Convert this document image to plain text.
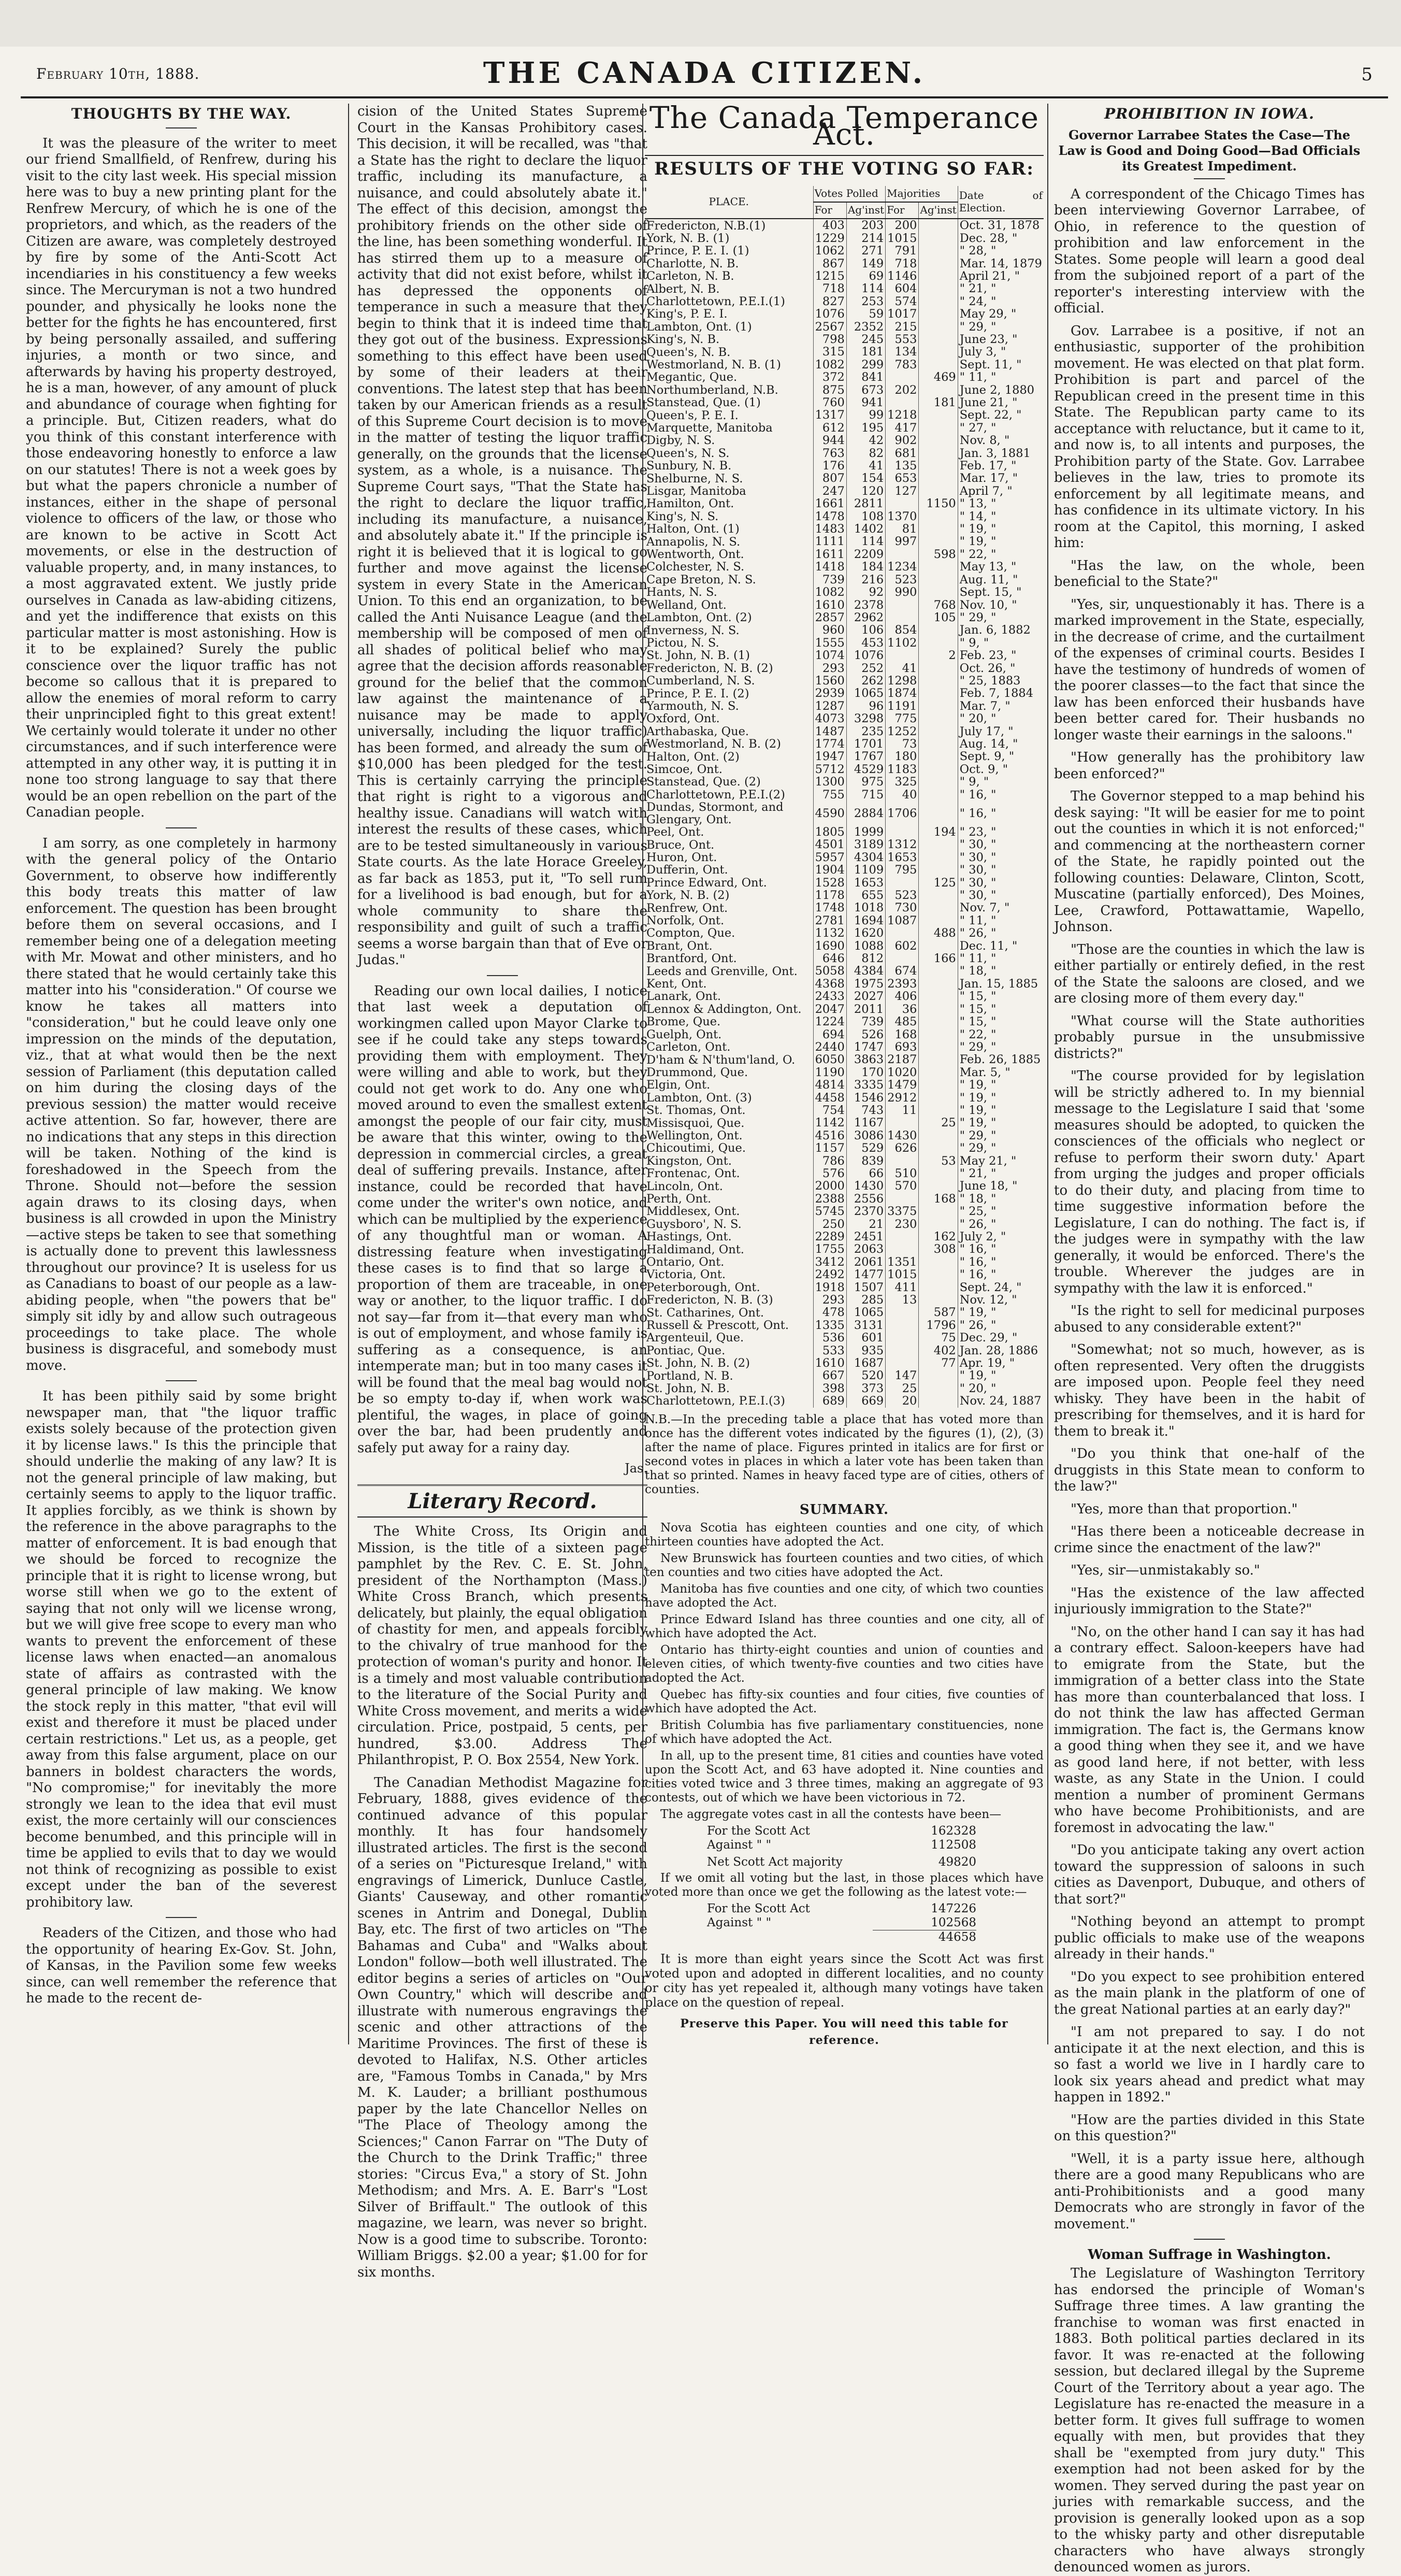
February 10th, 1888.	THE CANADA CITIZEN.	5
THOUGHTS BY THE WAY.

It was the pleasure of the writer to meet our friend Smallfield, of Renfrew, during his visit to the city last week. His special mission here was to buy a new printing plant for the Renfrew Mercury, of which he is one of the proprietors, and which, as the readers of the Citizen are aware, was completely destroyed by fire by some of the Anti-Scott Act incendiaries in his constituency a few weeks since. The Mercuryman is not a two hundred pounder, and physically he looks none the better for the fights he has encountered, first by being personally assailed, and suffering injuries, a month or two since, and afterwards by having his property destroyed, he is a man, however, of any amount of pluck and abundance of courage when fighting for a principle. But, Citizen readers, what do you think of this constant interference with those endeavoring honestly to enforce a law on our statutes! There is not a week goes by but what the papers chronicle a number of instances, either in the shape of personal violence to officers of the law, or those who are known to be active in Scott Act movements, or else in the destruction of valuable property, and, in many instances, to a most aggravated extent. We justly pride ourselves in Canada as law-abiding citizens, and yet the indifference that exists on this particular matter is most astonishing. How is it to be explained? Surely the public conscience over the liquor traffic has not become so callous that it is prepared to allow the enemies of moral reform to carry their unprincipled fight to this great extent! We certainly would tolerate it under no other circumstances, and if such interference were attempted in any other way, it is putting it in none too strong language to say that there would be an open rebellion on the part of the Canadian people.

I am sorry, as one completely in harmony with the general policy of the Ontario Government, to observe how indifferently this body treats this matter of law enforcement. The question has been brought before them on several occasions, and I remember being one of a delegation meeting with Mr. Mowat and other ministers, and ho there stated that he would certainly take this matter into his "consideration." Of course we know he takes all matters into "consideration," but he could leave only one impression on the minds of the deputation, viz., that at what would then be the next session of Parliament (this deputation called on him during the closing days of the previous session) the matter would receive active attention. So far, however, there are no indications that any steps in this direction will be taken. Nothing of the kind is foreshadowed in the Speech from the Throne. Should not—before the session again draws to its closing days, when business is all crowded in upon the Ministry—active steps be taken to see that something is actually done to prevent this lawlessness throughout our province? It is useless for us as Canadians to boast of our people as a law-abiding people, when "the powers that be" simply sit idly by and allow such outrageous proceedings to take place. The whole business is disgraceful, and somebody must move.

It has been pithily said by some bright newspaper man, that "the liquor traffic exists solely because of the protection given it by license laws." Is this the principle that should underlie the making of any law? It is not the general principle of law making, but certainly seems to apply to the liquor traffic. It applies forcibly, as we think is shown by the reference in the above paragraphs to the matter of enforcement. It is bad enough that we should be forced to recognize the principle that it is right to license wrong, but worse still when we go to the extent of saying that not only will we license wrong, but we will give free scope to every man who wants to prevent the enforcement of these license laws when enacted—an anomalous state of affairs as contrasted with the general principle of law making. We know the stock reply in this matter, "that evil will exist and therefore it must be placed under certain restrictions." Let us, as a people, get away from this false argument, place on our banners in boldest characters the words, "No compromise;" for inevitably the more strongly we lean to the idea that evil must exist, the more certainly will our consciences become benumbed, and this principle will in time be applied to evils that to day we would not think of recognizing as possible to exist except under the ban of the severest prohibitory law.

Readers of the Citizen, and those who had the opportunity of hearing Ex-Gov. St. John, of Kansas, in the Pavilion some few weeks since, can well remember the reference that he made to the recent de-

cision of the United States Supreme Court in the Kansas Prohibitory cases. This decision, it will be recalled, was "that a State has the right to declare the liquor traffic, including its manufacture, a nuisance, and could absolutely abate it." The effect of this decision, amongst the prohibitory friends on the other side of the line, has been something wonderful. It has stirred them up to a measure of activity that did not exist before, whilst it has depressed the opponents of temperance in such a measure that they begin to think that it is indeed time that they got out of the business. Expressions something to this effect have been used by some of their leaders at their conventions. The latest step that has been taken by our American friends as a result of this Supreme Court decision is to move in the matter of testing the liquor traffic generally, on the grounds that the license system, as a whole, is a nuisance. The Supreme Court says, "That the State has the right to declare the liquor traffic, including its manufacture, a nuisance, and absolutely abate it." If the principle is right it is believed that it is logical to go further and move against the license system in every State in the American Union. To this end an organization, to be called the Anti Nuisance League (and the membership will be composed of men of all shades of political belief who may agree that the decision affords reasonable ground for the belief that the common law against the maintenance of a nuisance may be made to apply universally, including the liquor traffic) has been formed, and already the sum of $10,000 has been pledged for the test. This is certainly carrying the principle that right is right to a vigorous and healthy issue. Canadians will watch with interest the results of these cases, which are to be tested simultaneously in various State courts. As the late Horace Greeley, as far back as 1853, put it, "To sell rum for a livelihood is bad enough, but for a whole community to share the responsibility and guilt of such a traffic seems a worse bargain than that of Eve or Judas."

Reading our own local dailies, I notice that last week a deputation of workingmen called upon Mayor Clarke to see if he could take any steps towards providing them with employment. They were willing and able to work, but they could not get work to do. Any one who moved around to even the smallest extent amongst the people of our fair city, must be aware that this winter, owing to the depression in commercial circles, a great deal of suffering prevails. Instance, after instance, could be recorded that have come under the writer's own notice, and which can be multiplied by the experience of any thoughtful man or woman. A distressing feature when investigating these cases is to find that so large a proportion of them are traceable, in one way or another, to the liquor traffic. I do not say—far from it—that every man who is out of employment, and whose family is suffering as a consequence, is an intemperate man; but in too many cases it will be found that the meal bag would not be so empty to-day if, when work was plentiful, the wages, in place of going over the bar, had been prudently and safely put away for a rainy day.

Jas.
Literary Record.

The White Cross, Its Origin and Mission, is the title of a sixteen page pamphlet by the Rev. C. E. St. John, president of the Northampton (Mass.) White Cross Branch, which presents delicately, but plainly, the equal obligation of chastity for men, and appeals forcibly to the chivalry of true manhood for the protection of woman's purity and honor. It is a timely and most valuable contribution to the literature of the Social Purity and White Cross movement, and merits a wide circulation. Price, postpaid, 5 cents, per hundred, $3.00. Address The Philanthropist, P. O. Box 2554, New York.

The Canadian Methodist Magazine for February, 1888, gives evidence of the continued advance of this popular monthly. It has four handsomely illustrated articles. The first is the second of a series on "Picturesque Ireland," with engravings of Limerick, Dunluce Castle, Giants' Causeway, and other romantic scenes in Antrim and Donegal, Dublin Bay, etc. The first of two articles on "The Bahamas and Cuba" and "Walks about London" follow—both well illustrated. The editor begins a series of articles on "Our Own Country," which will describe and illustrate with numerous engravings the scenic and other attractions of the Maritime Provinces. The first of these is devoted to Halifax, N.S. Other articles are, "Famous Tombs in Canada," by Mrs M. K. Lauder; a brilliant posthumous paper by the late Chancellor Nelles on "The Place of Theology among the Sciences;" Canon Farrar on "The Duty of the Church to the Drink Traffic;" three stories: "Circus Eva," a story of St. John Methodism; and Mrs. A. E. Barr's "Lost Silver of Briffault." The outlook of this magazine, we learn, was never so bright. Now is a good time to subscribe. Toronto: William Briggs. $2.00 a year; $1.00 for for six months.

The Canada Temperance Act.
RESULTS OF THE VOTING SO FAR:
PLACE.	Votes Polled		Majorities		Date of Election.
	For	Ag'inst	For	Ag'inst	
Fredericton, N.B.(1)	403	203	200		Oct. 31, 1878
York, N. B. (1)	1229	214	1015		Dec. 28, "
Prince, P. E. I. (1)	1062	271	791		" 28, "
Charlotte, N. B.	867	149	718		Mar. 14, 1879
Carleton, N. B.	1215	69	1146		April 21, "
Albert, N. B.	718	114	604		" 21, "
Charlottetown, P.E.I.(1)	827	253	574		" 24, "
King's, P. E. I.	1076	59	1017		May 29, "
Lambton, Ont. (1)	2567	2352	215		" 29, "
King's, N. B.	798	245	553		June 23, "
Queen's, N. B.	315	181	134		July 3, "
Westmorland, N. B. (1)	1082	299	783		Sept. 11, "
Megantic, Que.	372	841		469	" 11, "
Northumberland, N.B.	875	673	202		June 2, 1880
Stanstead, Que. (1)	760	941		181	June 21, "
Queen's, P. E. I.	1317	99	1218		Sept. 22, "
Marquette, Manitoba	612	195	417		" 27, "
Digby, N. S.	944	42	902		Nov. 8, "
Queen's, N. S.	763	82	681		Jan. 3, 1881
Sunbury, N. B.	176	41	135		Feb. 17, "
Shelburne, N. S.	807	154	653		Mar. 17, "
Lisgar, Manitoba	247	120	127		April 7, "
Hamilton, Ont.	1661	2811		1150	" 13, "
King's, N. S.	1478	108	1370		" 14, "
Halton, Ont. (1)	1483	1402	81		" 19, "
Annapolis, N. S.	1111	114	997		" 19, "
Wentworth, Ont.	1611	2209		598	" 22, "
Colchester, N. S.	1418	184	1234		May 13, "
Cape Breton, N. S.	739	216	523		Aug. 11, "
Hants, N. S.	1082	92	990		Sept. 15, "
Welland, Ont.	1610	2378		768	Nov. 10, "
Lambton, Ont. (2)	2857	2962		105	" 29, "
Inverness, N. S.	960	106	854		Jan. 6, 1882
Pictou, N. S.	1555	453	1102		" 9, "
St. John, N. B. (1)	1074	1076		2	Feb. 23, "
Fredericton, N. B. (2)	293	252	41		Oct. 26, "
Cumberland, N. S.	1560	262	1298		" 25, 1883
Prince, P. E. I. (2)	2939	1065	1874		Feb. 7, 1884
Yarmouth, N. S.	1287	96	1191		Mar. 7, "
Oxford, Ont.	4073	3298	775		" 20, "
Arthabaska, Que.	1487	235	1252		July 17, "
Westmorland, N. B. (2)	1774	1701	73		Aug. 14, "
Halton, Ont. (2)	1947	1767	180		Sept. 9, "
Simcoe, Ont.	5712	4529	1183		Oct. 9, "
Stanstead, Que. (2)	1300	975	325		" 9, "
Charlottetown, P.E.I.(2)	755	715	40		" 16, "
Dundas, Stormont, and Glengary, Ont.	4590	2884	1706		" 16, "
Peel, Ont.	1805	1999		194	" 23, "
Bruce, Ont.	4501	3189	1312		" 30, "
Huron, Ont.	5957	4304	1653		" 30, "
Dufferin, Ont.	1904	1109	795		" 30, "
Prince Edward, Ont.	1528	1653		125	" 30, "
York, N. B. (2)	1178	655	523		" 30, "
Renfrew, Ont.	1748	1018	730		Nov. 7, "
Norfolk, Ont.	2781	1694	1087		" 11, "
Compton, Que.	1132	1620		488	" 26, "
Brant, Ont.	1690	1088	602		Dec. 11, "
Brantford, Ont.	646	812		166	" 11, "
Leeds and Grenville, Ont.	5058	4384	674		" 18, "
Kent, Ont.	4368	1975	2393		Jan. 15, 1885
Lanark, Ont.	2433	2027	406		" 15, "
Lennox & Addington, Ont.	2047	2011	36		" 15, "
Brome, Que.	1224	739	485		" 15, "
Guelph, Ont.	694	526	168		" 22, "
Carleton, Ont.	2440	1747	693		" 29, "
D'ham & N'thum'land, O.	6050	3863	2187		Feb. 26, 1885
Drummond, Que.	1190	170	1020		Mar. 5, "
Elgin, Ont.	4814	3335	1479		" 19, "
Lambton, Ont. (3)	4458	1546	2912		" 19, "
St. Thomas, Ont.	754	743	11		" 19, "
Missisquoi, Que.	1142	1167		25	" 19, "
Wellington, Ont.	4516	3086	1430		" 29, "
Chicoutimi, Que.	1157	529	626		" 29, "
Kingston, Ont.	786	839		53	May 21, "
Frontenac, Ont.	576	66	510		" 21, "
Lincoln, Ont.	2000	1430	570		June 18, "
Perth, Ont.	2388	2556		168	" 18, "
Middlesex, Ont.	5745	2370	3375		" 25, "
Guysboro', N. S.	250	21	230		" 26, "
Hastings, Ont.	2289	2451		162	July 2, "
Haldimand, Ont.	1755	2063		308	" 16, "
Ontario, Ont.	3412	2061	1351		" 16, "
Victoria, Ont.	2492	1477	1015		" 16, "
Peterborough, Ont.	1918	1507	411		Sept. 24, "
Fredericton, N. B. (3)	293	285	13		Nov. 12, "
St. Catharines, Ont.	478	1065		587	" 19, "
Russell & Prescott, Ont.	1335	3131		1796	" 26, "
Argenteuil, Que.	536	601		75	Dec. 29, "
Pontiac, Que.	533	935		402	Jan. 28, 1886
St. John, N. B. (2)	1610	1687		77	Apr. 19, "
Portland, N. B.	667	520	147		" 19, "
St. John, N. B.	398	373	25		" 20, "
Charlottetown, P.E.I.(3)	689	669	20		Nov. 24, 1887
N.B.—In the preceding table a place that has voted more than once has the different votes indicated by the figures (1), (2), (3) after the name of place. Figures printed in italics are for first or second votes in places in which a later vote has been taken than that so printed. Names in heavy faced type are of cities, others of counties.
SUMMARY.

Nova Scotia has eighteen counties and one city, of which thirteen counties have adopted the Act.

New Brunswick has fourteen counties and two cities, of which ten counties and two cities have adopted the Act.

Manitoba has five counties and one city, of which two counties have adopted the Act.

Prince Edward Island has three counties and one city, all of which have adopted the Act.

Ontario has thirty-eight counties and union of counties and eleven cities, of which twenty-five counties and two cities have adopted the Act.

Quebec has fifty-six counties and four cities, five counties of which have adopted the Act.

British Columbia has five parliamentary constituencies, none of which have adopted the Act.

In all, up to the present time, 81 cities and counties have voted upon the Scott Act, and 63 have adopted it. Nine counties and cities voted twice and 3 three times, making an aggregate of 93 contests, out of which we have been victorious in 72.

The aggregate votes cast in all the contests have been—

For the Scott Act	162328
Against " "	112508
Net Scott Act majority	49820

If we omit all voting but the last, in those places which have voted more than once we get the following as the latest vote:—

For the Scott Act	147226
Against " "	102568
44658
It is more than eight years since the Scott Act was first voted upon and adopted in different localities, and no county or city has yet repealed it, although many votings have taken place on the question of repeal.
Preserve this Paper. You will need this table for reference.
PROHIBITION IN IOWA.
Governor Larrabee States the Case—The Law is Good and Doing Good—Bad Officials its Greatest Impediment.

A correspondent of the Chicago Times has been interviewing Governor Larrabee, of Ohio, in reference to the question of prohibition and law enforcement in the States. Some people will learn a good deal from the subjoined report of a part of the reporter's interesting interview with the official.

Gov. Larrabee is a positive, if not an enthusiastic, supporter of the prohibition movement. He was elected on that plat form. Prohibition is part and parcel of the Republican creed in the present time in this State. The Republican party came to its acceptance with reluctance, but it came to it, and now is, to all intents and purposes, the Prohibition party of the State. Gov. Larrabee believes in the law, tries to promote its enforcement by all legitimate means, and has confidence in its ultimate victory. In his room at the Capitol, this morning, I asked him:

"Has the law, on the whole, been beneficial to the State?"

"Yes, sir, unquestionably it has. There is a marked improvement in the State, especially, in the decrease of crime, and the curtailment of the expenses of criminal courts. Besides I have the testimony of hundreds of women of the poorer classes—to the fact that since the law has been enforced their husbands have been better cared for. Their husbands no longer waste their earnings in the saloons."

"How generally has the prohibitory law been enforced?"

The Governor stepped to a map behind his desk saying: "It will be easier for me to point out the counties in which it is not enforced;" and commencing at the northeastern corner of the State, he rapidly pointed out the following counties: Delaware, Clinton, Scott, Muscatine (partially enforced), Des Moines, Lee, Crawford, Pottawattamie, Wapello, Johnson.

"Those are the counties in which the law is either partially or entirely defied, in the rest of the State the saloons are closed, and we are closing more of them every day."

"What course will the State authorities probably pursue in the unsubmissive districts?"

"The course provided for by legislation will be strictly adhered to. In my biennial message to the Legislature I said that 'some measures should be adopted, to quicken the consciences of the officials who neglect or refuse to perform their sworn duty.' Apart from urging the judges and proper officials to do their duty, and placing from time to time suggestive information before the Legislature, I can do nothing. The fact is, if the judges were in sympathy with the law generally, it would be enforced. There's the trouble. Wherever the judges are in sympathy with the law it is enforced."

"Is the right to sell for medicinal purposes abused to any considerable extent?"

"Somewhat; not so much, however, as is often represented. Very often the druggists are imposed upon. People feel they need whisky. They have been in the habit of prescribing for themselves, and it is hard for them to break it."

"Do you think that one-half of the druggists in this State mean to conform to the law?"

"Yes, more than that proportion."

"Has there been a noticeable decrease in crime since the enactment of the law?"

"Yes, sir—unmistakably so."

"Has the existence of the law affected injuriously immigration to the State?"

"No, on the other hand I can say it has had a contrary effect. Saloon-keepers have had to emigrate from the State, but the immigration of a better class into the State has more than counterbalanced that loss. I do not think the law has affected German immigration. The fact is, the Germans know a good thing when they see it, and we have as good land here, if not better, with less waste, as any State in the Union. I could mention a number of prominent Germans who have become Prohibitionists, and are foremost in advocating the law."

"Do you anticipate taking any overt action toward the suppression of saloons in such cities as Davenport, Dubuque, and others of that sort?"

"Nothing beyond an attempt to prompt public officials to make use of the weapons already in their hands."

"Do you expect to see prohibition entered as the main plank in the platform of one of the great National parties at an early day?"

"I am not prepared to say. I do not anticipate it at the next election, and this is so fast a world we live in I hardly care to look six years ahead and predict what may happen in 1892."

"How are the parties divided in this State on this question?"

"Well, it is a party issue here, although there are a good many Republicans who are anti-Prohibitionists and a good many Democrats who are strongly in favor of the movement."

Woman Suffrage in Washington.

The Legislature of Washington Territory has endorsed the principle of Woman's Suffrage three times. A law granting the franchise to woman was first enacted in 1883. Both political parties declared in its favor. It was re-enacted at the following session, but declared illegal by the Supreme Court of the Territory about a year ago. The Legislature has re-enacted the measure in a better form. It gives full suffrage to women equally with men, but provides that they shall be "exempted from jury duty." This exemption had not been asked for by the women. They served during the past year on juries with remarkable success, and the provision is generally looked upon as a sop to the whisky party and other disreputable characters who have always strongly denounced women as jurors.
